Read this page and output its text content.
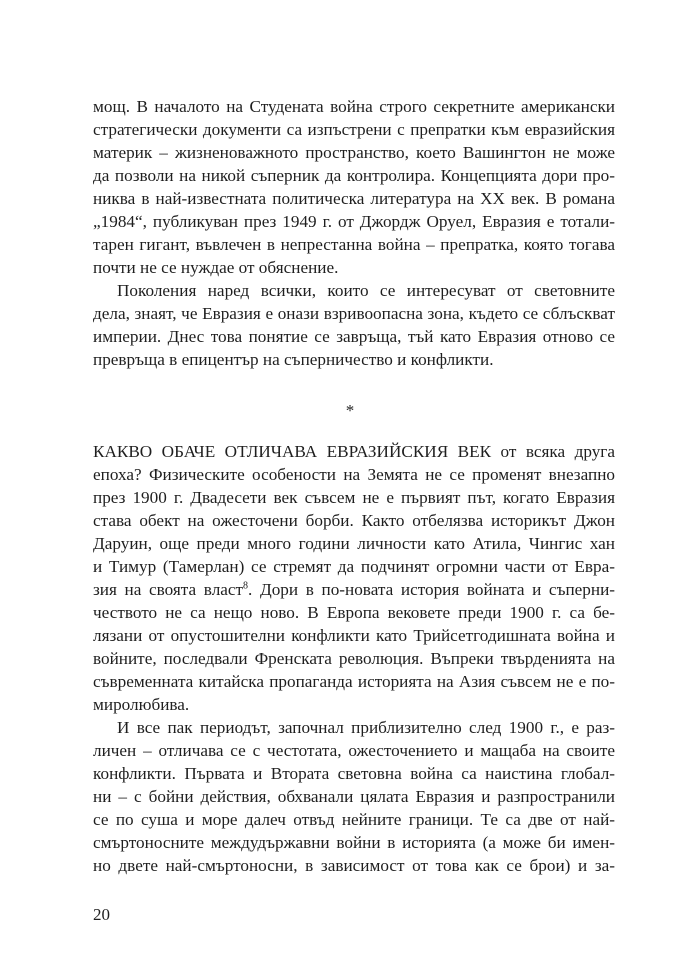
мощ. В началото на Студената война строго секретните американски
стратегически документи са изпъстрени с препратки към евразийския
материк – жизненоважното пространство, което Вашингтон не може
да позволи на никой съперник да контролира. Концепцията дори про-
никва в най-известната политическа литература на XX век. В романа
„1984“, публикуван през 1949 г. от Джордж Оруел, Евразия е тотали-
тарен гигант, въвлечен в непрестанна война – препратка, която тогава
почти не се нуждае от обяснение.
Поколения наред всички, които се интересуват от световните
дела, знаят, че Евразия е онази взривоопасна зона, където се сблъскват
империи. Днес това понятие се завръща, тъй като Евразия отново се
превръща в епицентър на съперничество и конфликти.
*
КАКВО ОБАЧЕ ОТЛИЧАВА ЕВРАЗИЙСКИЯ ВЕК от всяка друга
епоха? Физическите особености на Земята не се променят внезапно
през 1900 г. Двадесети век съвсем не е първият път, когато Евразия
става обект на ожесточени борби. Както отбелязва историкът Джон
Даруин, още преди много години личности като Атила, Чингис хан
и Тимур (Тамерлан) се стремят да подчинят огромни части от Евра-
зия на своята власт$^8$. Дори в по-новата история войната и съперни-
чеството не са нещо ново. В Европа вековете преди 1900 г. са бе-
лязани от опустошителни конфликти като Трийсетгодишната война и
войните, последвали Френската революция. Въпреки твърденията на
съвременната китайска пропаганда историята на Азия съвсем не е по-
миролюбива.
И все пак периодът, започнал приблизително след 1900 г., е раз-
личен – отличава се с честотата, ожесточението и мащаба на своите
конфликти. Първата и Втората световна война са наистина глобал-
ни – с бойни действия, обхванали цялата Евразия и разпространили
се по суша и море далеч отвъд нейните граници. Те са две от най-
смъртоносните междудържавни войни в историята (а може би имен-
но двете най-смъртоносни, в зависимост от това как се брои) и за-
20
